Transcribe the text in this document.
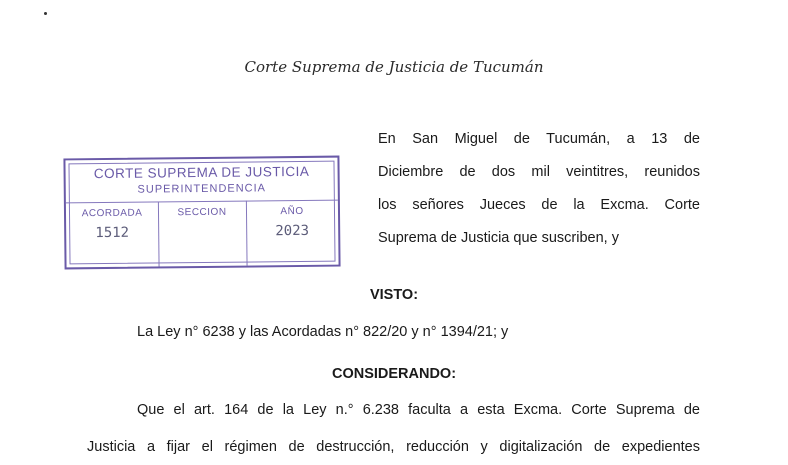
Corte Suprema de Justicia de Tucumán
CORTE SUPREMA DE JUSTICIA
SUPERINTENDENCIA
ACORDADA
1512
SECCION	AÑO
2023
En San Miguel de Tucumán, a 13 de
Diciembre de dos mil veintitres, reunidos
los señores Jueces de la Excma. Corte
Suprema de Justicia que suscriben, y
VISTO:

La Ley n° 6238 y las Acordadas n° 822/20 y n° 1394/21; y

CONSIDERANDO:

Que el art. 164 de la Ley n.° 6.238 faculta a esta Excma. Corte Suprema de

Justicia a fijar el régimen de destrucción, reducción y digitalización de expedientes
